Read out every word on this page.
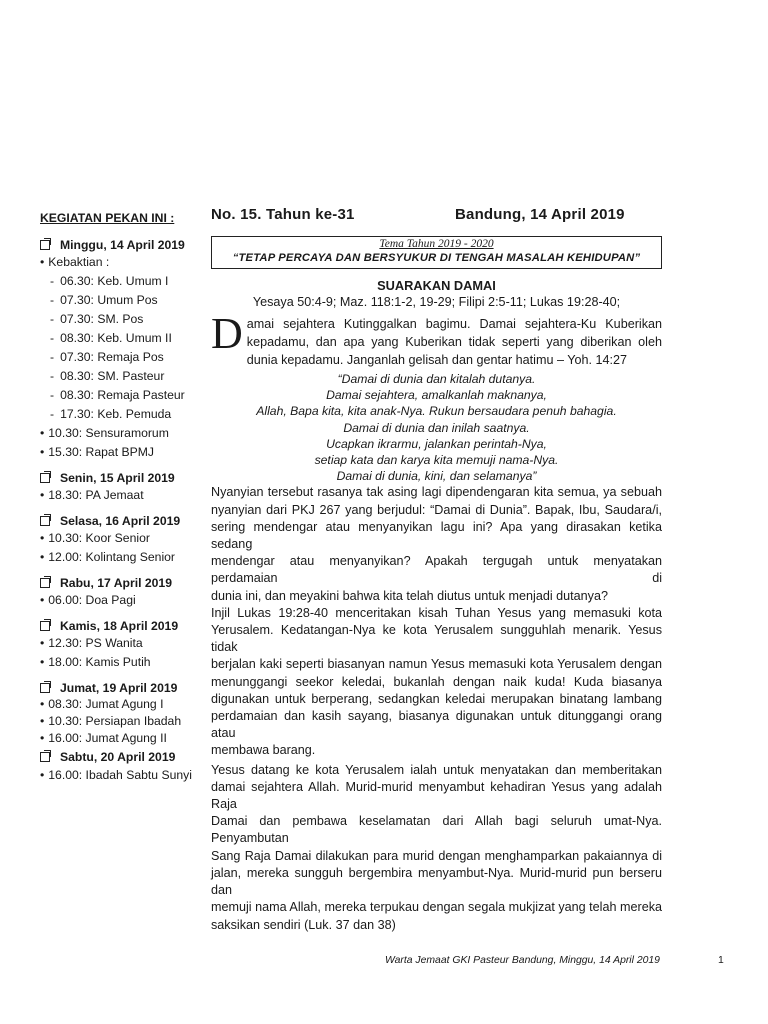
KEGIATAN PEKAN INI :
Minggu, 14 April 2019
• Kebaktian :
- 06.30: Keb. Umum I
- 07.30: Umum Pos
- 07.30: SM. Pos
- 08.30: Keb. Umum II
- 07.30: Remaja Pos
- 08.30: SM. Pasteur
- 08.30: Remaja Pasteur
- 17.30: Keb. Pemuda
• 10.30: Sensuramorum
• 15.30: Rapat BPMJ
Senin, 15 April 2019
• 18.30: PA Jemaat
Selasa, 16 April 2019
• 10.30: Koor Senior
• 12.00: Kolintang Senior
Rabu, 17 April 2019
• 06.00: Doa Pagi
Kamis, 18 April 2019
• 12.30: PS Wanita
• 18.00: Kamis Putih
Jumat, 19 April 2019
• 08.30: Jumat Agung I
• 10.30: Persiapan Ibadah
• 16.00: Jumat Agung II
Sabtu, 20 April 2019
• 16.00: Ibadah Sabtu Sunyi
No. 15. Tahun ke-31	Bandung, 14 April 2019
Tema Tahun 2019 - 2020
“TETAP PERCAYA DAN BERSYUKUR DI TENGAH MASALAH KEHIDUPAN”
SUARAKAN DAMAI
Yesaya 50:4-9; Maz. 118:1-2, 19-29; Filipi 2:5-11; Lukas 19:28-40;
Damai sejahtera Kutinggalkan bagimu. Damai sejahtera-Ku Kuberikan kepadamu, dan apa yang Kuberikan tidak seperti yang diberikan oleh dunia kepadamu. Janganlah gelisah dan gentar hatimu – Yoh. 14:27
“Damai di dunia dan kitalah dutanya.
Damai sejahtera, amalkanlah maknanya,
Allah, Bapa kita, kita anak-Nya. Rukun bersaudara penuh bahagia.
Damai di dunia dan inilah saatnya.
Ucapkan ikrarmu, jalankan perintah-Nya,
setiap kata dan karya kita memuji nama-Nya.
Damai di dunia, kini, dan selamanya”
Nyanyian tersebut rasanya tak asing lagi dipendengaran kita semua, ya sebuah
nyanyian dari PKJ 267 yang berjudul: “Damai di Dunia”. Bapak, Ibu, Saudara/i,
sering mendengar atau menyanyikan lagu ini? Apa yang dirasakan ketika sedang
mendengar atau menyanyikan? Apakah tergugah untuk menyatakan perdamaian di
dunia ini, dan meyakini bahwa kita telah diutus untuk menjadi dutanya?
Injil Lukas 19:28-40 menceritakan kisah Tuhan Yesus yang memasuki kota
Yerusalem. Kedatangan-Nya ke kota Yerusalem sungguhlah menarik. Yesus tidak
berjalan kaki seperti biasanyan namun Yesus memasuki kota Yerusalem dengan
menunggangi seekor keledai, bukanlah dengan naik kuda! Kuda biasanya
digunakan untuk berperang, sedangkan keledai merupakan binatang lambang
perdamaian dan kasih sayang, biasanya digunakan untuk ditunggangi orang atau
membawa barang.
Yesus datang ke kota Yerusalem ialah untuk menyatakan dan memberitakan
damai sejahtera Allah. Murid-murid menyambut kehadiran Yesus yang adalah Raja
Damai dan pembawa keselamatan dari Allah bagi seluruh umat-Nya. Penyambutan
Sang Raja Damai dilakukan para murid dengan menghamparkan pakaiannya di
jalan, mereka sungguh bergembira menyambut-Nya. Murid-murid pun berseru dan
memuji nama Allah, mereka terpukau dengan segala mukjizat yang telah mereka
saksikan sendiri (Luk. 37 dan 38)
Warta Jemaat GKI Pasteur Bandung, Minggu, 14 April 2019	1
